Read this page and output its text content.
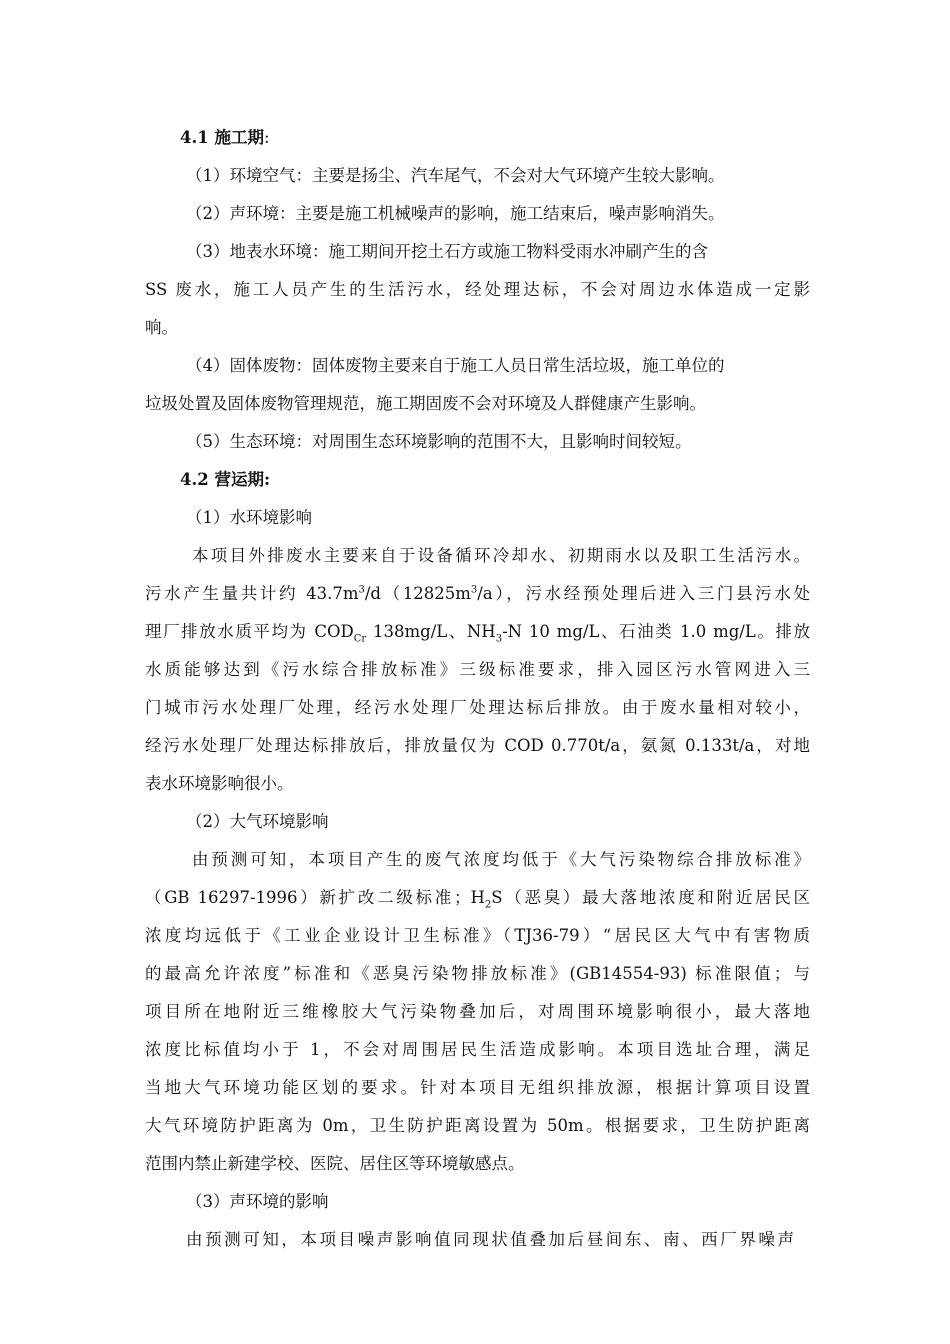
4.1 施工期:
（1）环境空气：主要是扬尘、汽车尾气，不会对大气环境产生较大影响。
（2）声环境：主要是施工机械噪声的影响，施工结束后，噪声影响消失。
（3）地表水环境：施工期间开挖土石方或施工物料受雨水冲刷产生的含
SS 废水，施工人员产生的生活污水，经处理达标，不会对周边水体造成一定影
响。
（4）固体废物：固体废物主要来自于施工人员日常生活垃圾，施工单位的
垃圾处置及固体废物管理规范，施工期固废不会对环境及人群健康产生影响。
（5）生态环境：对周围生态环境影响的范围不大，且影响时间较短。
4.2 营运期:
（1）水环境影响
本项目外排废水主要来自于设备循环冷却水、初期雨水以及职工生活污水。
污水产生量共计约 $43.7m^3/d(12825m^3/a)$，污水经预处理后进入三门县污水处
理厂排放水质平均为 $COD_{Cr}$ 138mg/L、$NH_3-N$ 10 mg/L、石油类 1.0 mg/L。排放
水质能够达到《污水综合排放标准》三级标准要求，排入园区污水管网进入三
门城市污水处理厂处理，经污水处理厂处理达标后排放。由于废水量相对较小，
经污水处理厂处理达标排放后，排放量仅为 COD 0.770t/a，氨氮 0.133t/a，对地
表水环境影响很小。
（2）大气环境影响
由预测可知，本项目产生的废气浓度均低于《大气污染物综合排放标准》
（GB 16297-1996）新扩改二级标准；$H_2S$（恶臭）最大落地浓度和附近居民区
浓度均远低于《工业企业设计卫生标准》（TJ36-79）“居民区大气中有害物质
的最高允许浓度”标准和《恶臭污染物排放标准》(GB14554-93) 标准限值；与
项目所在地附近三维橡胶大气污染物叠加后，对周围环境影响很小，最大落地
浓度比标值均小于 1，不会对周围居民生活造成影响。本项目选址合理，满足
当地大气环境功能区划的要求。针对本项目无组织排放源，根据计算项目设置
大气环境防护距离为 0m，卫生防护距离设置为 50m。根据要求，卫生防护距离
范围内禁止新建学校、医院、居住区等环境敏感点。
（3）声环境的影响
由预测可知，本项目噪声影响值同现状值叠加后昼间东、南、西厂界噪声
